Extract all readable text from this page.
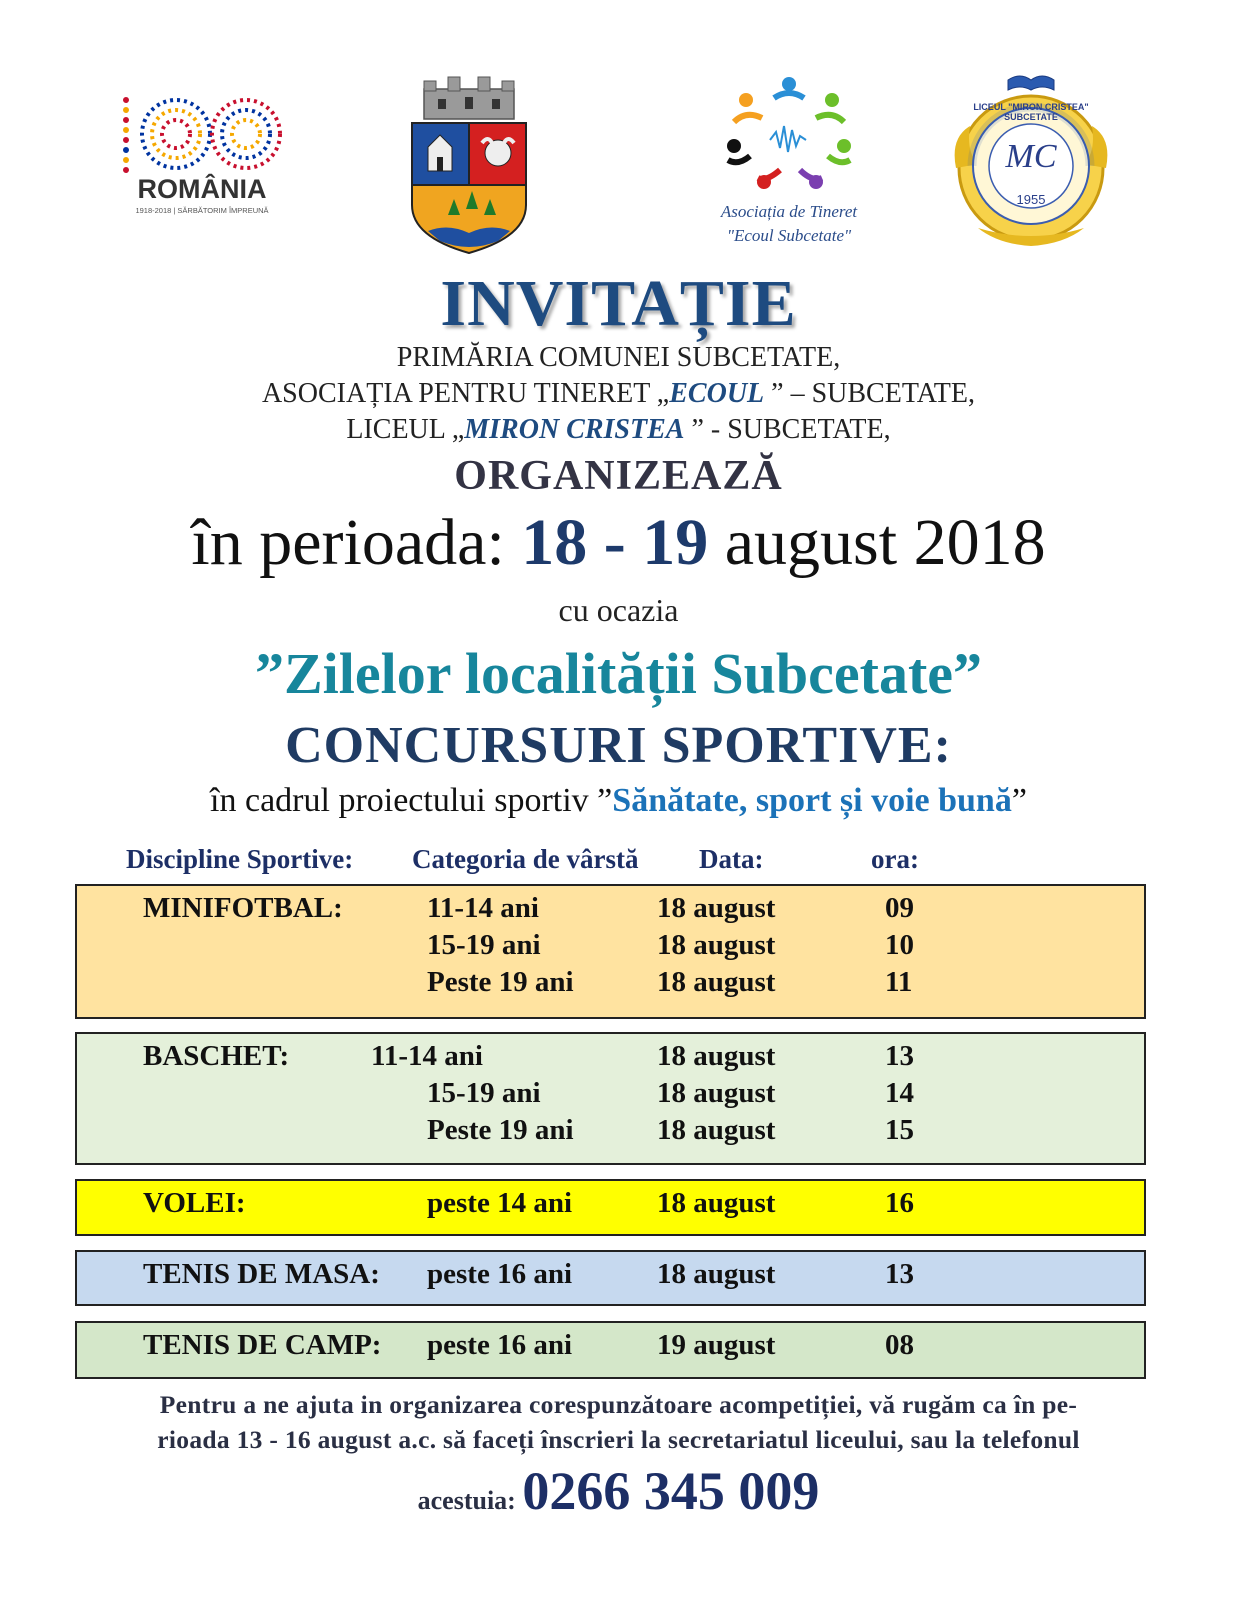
ROMÂNIA
1918-2018 | SĂRBĂTORIM ÎMPREUNĂ	Asociația de Tineret
"Ecoul Subcetate"
MC
1955
LICEUL "MIRON CRISTEA" SUBCETATE
INVITAȚIE
PRIMĂRIA COMUNEI SUBCETATE,
ASOCIAȚIA PENTRU TINERET „ECOUL ” – SUBCETATE,
LICEUL „MIRON CRISTEA ” - SUBCETATE,
ORGANIZEAZĂ
în perioada: 18 - 19 august 2018
cu ocazia
”Zilelor localității Subcetate”
CONCURSURI SPORTIVE:
în cadrul proiectului sportiv ”Sănătate, sport și voie bună”
Discipline Sportive: Categoria de vârstă Data:	ora:
MINIFOTBAL:	11-14 ani	18 august	09
15-19 ani	18 august	10
Peste 19 ani	18 august	11
BASCHET:	11-14 ani	18 august	13
15-19 ani	18 august	14
Peste 19 ani	18 august	15
VOLEI:	peste 14 ani	18 august	16
TENIS DE MASA: peste 16 ani	18 august	13
TENIS DE CAMP: peste 16 ani	19 august	08
Pentru a ne ajuta in organizarea corespunzătoare acompetiției, vă rugăm ca în pe-
rioada 13 - 16 august a.c. să faceți înscrieri la secretariatul liceului, sau la telefonul
acestuia: 0266 345 009
